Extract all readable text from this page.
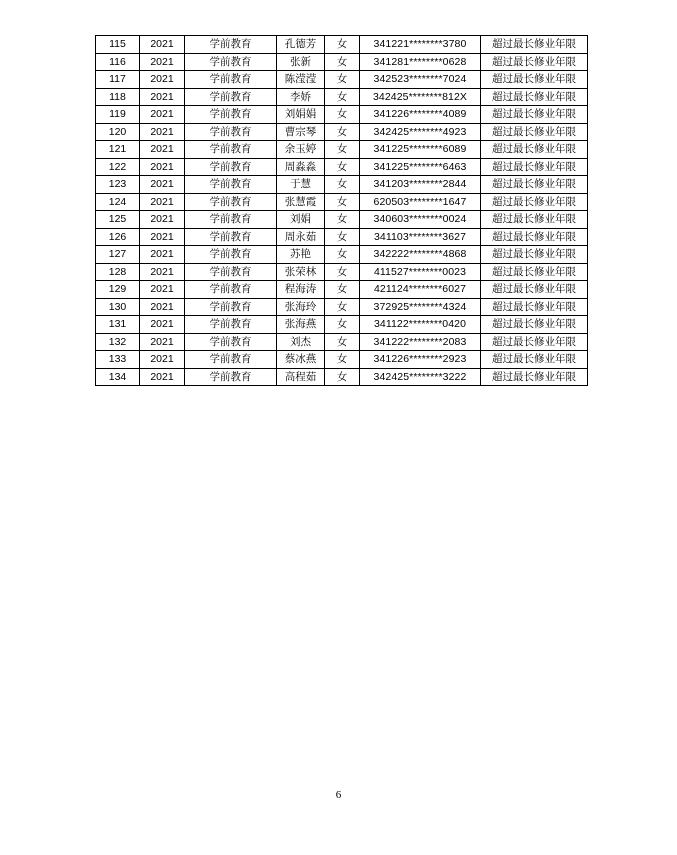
115	2021	学前教育	孔德芳	女	341221********3780	超过最长修业年限
116	2021	学前教育	张新	女	341281********0628	超过最长修业年限
117	2021	学前教育	陈滢滢	女	342523********7024	超过最长修业年限
118	2021	学前教育	李娇	女	342425********812X	超过最长修业年限
119	2021	学前教育	刘娟娟	女	341226********4089	超过最长修业年限
120	2021	学前教育	曹宗琴	女	342425********4923	超过最长修业年限
121	2021	学前教育	余玉婷	女	341225********6089	超过最长修业年限
122	2021	学前教育	周淼淼	女	341225********6463	超过最长修业年限
123	2021	学前教育	于慧	女	341203********2844	超过最长修业年限
124	2021	学前教育	张慧霞	女	620503********1647	超过最长修业年限
125	2021	学前教育	刘娟	女	340603********0024	超过最长修业年限
126	2021	学前教育	周永茹	女	341103********3627	超过最长修业年限
127	2021	学前教育	苏艳	女	342222********4868	超过最长修业年限
128	2021	学前教育	张荣林	女	411527********0023	超过最长修业年限
129	2021	学前教育	程海涛	女	421124********6027	超过最长修业年限
130	2021	学前教育	张海玲	女	372925********4324	超过最长修业年限
131	2021	学前教育	张海燕	女	341122********0420	超过最长修业年限
132	2021	学前教育	刘杰	女	341222********2083	超过最长修业年限
133	2021	学前教育	蔡冰燕	女	341226********2923	超过最长修业年限
134	2021	学前教育	高程茹	女	342425********3222	超过最长修业年限
6
